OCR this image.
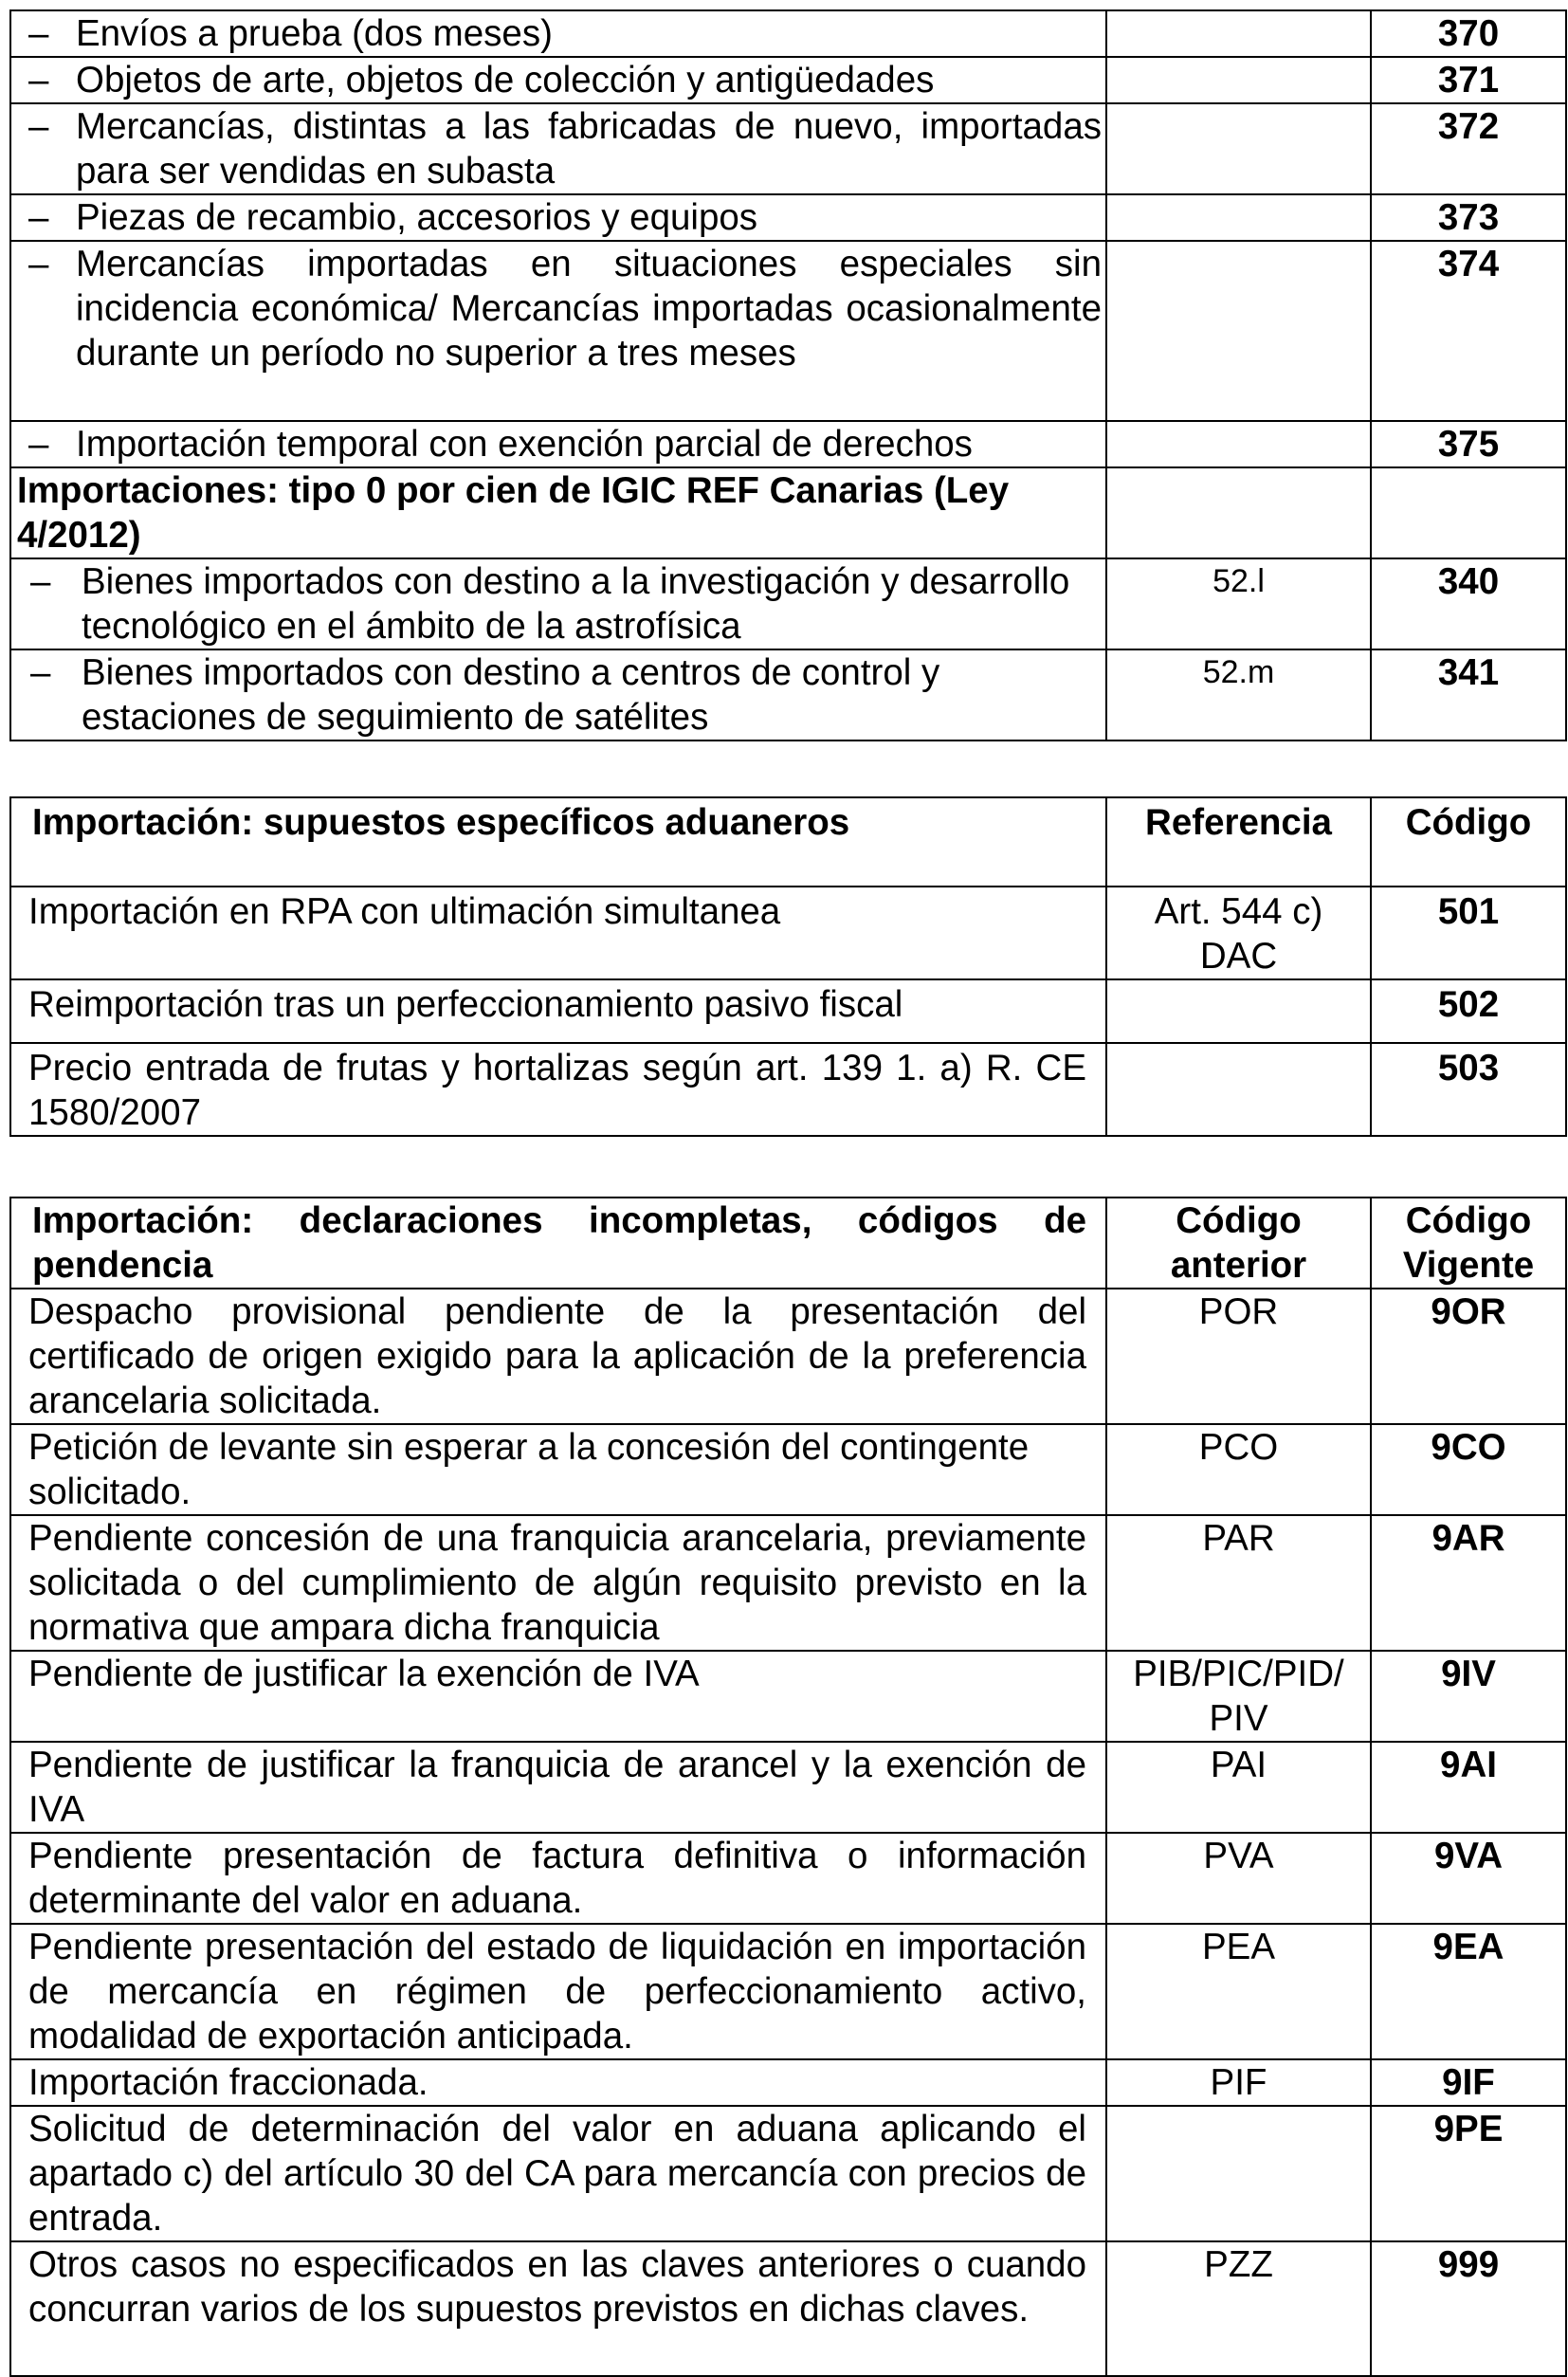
– Envíos a prueba (dos meses)		370

– Objetos de arte, objetos de colección y antigüedades		371

– Mercancías, distintas a las fabricadas de nuevo, importadas para ser vendidas en subasta		372

– Piezas de recambio, accesorios y equipos		373

– Mercancías importadas en situaciones especiales sin incidencia económica/ Mercancías importadas ocasionalmente durante un período no superior a tres meses		374

– Importación temporal con exención parcial de derechos		375
Importaciones: tipo 0 por cien de IGIC REF Canarias (Ley 4/2012)		

– Bienes importados con destino a la investigación y desarrollo tecnológico en el ámbito de la astrofísica	52.l	340

– Bienes importados con destino a centros de control y estaciones de seguimiento de satélites	52.m	341
Importación: supuestos específicos aduaneros	Referencia	Código
Importación en RPA con ultimación simultanea	Art. 544 c) DAC	501
Reimportación tras un perfeccionamiento pasivo fiscal		502
Precio entrada de frutas y hortalizas según art. 139 1. a) R. CE 1580/2007		503
Importación: declaraciones incompletas, códigos de pendencia	Código anterior	Código Vigente
Despacho provisional pendiente de la presentación del certificado de origen exigido para la aplicación de la preferencia arancelaria solicitada.	POR	9OR
Petición de levante sin esperar a la concesión del contingente solicitado.	PCO	9CO
Pendiente concesión de una franquicia arancelaria, previamente solicitada o del cumplimiento de algún requisito previsto en la normativa que ampara dicha franquicia	PAR	9AR
Pendiente de justificar la exención de IVA	PIB/PIC/PID/ PIV	9IV
Pendiente de justificar la franquicia de arancel y la exención de IVA	PAI	9AI
Pendiente presentación de factura definitiva o información determinante del valor en aduana.	PVA	9VA
Pendiente presentación del estado de liquidación en importación de mercancía en régimen de perfeccionamiento activo, modalidad de exportación anticipada.	PEA	9EA
Importación fraccionada.	PIF	9IF
Solicitud de determinación del valor en aduana aplicando el apartado c) del artículo 30 del CA para mercancía con precios de entrada.		9PE
Otros casos no especificados en las claves anteriores o cuando concurran varios de los supuestos previstos en dichas claves.	PZZ	999
